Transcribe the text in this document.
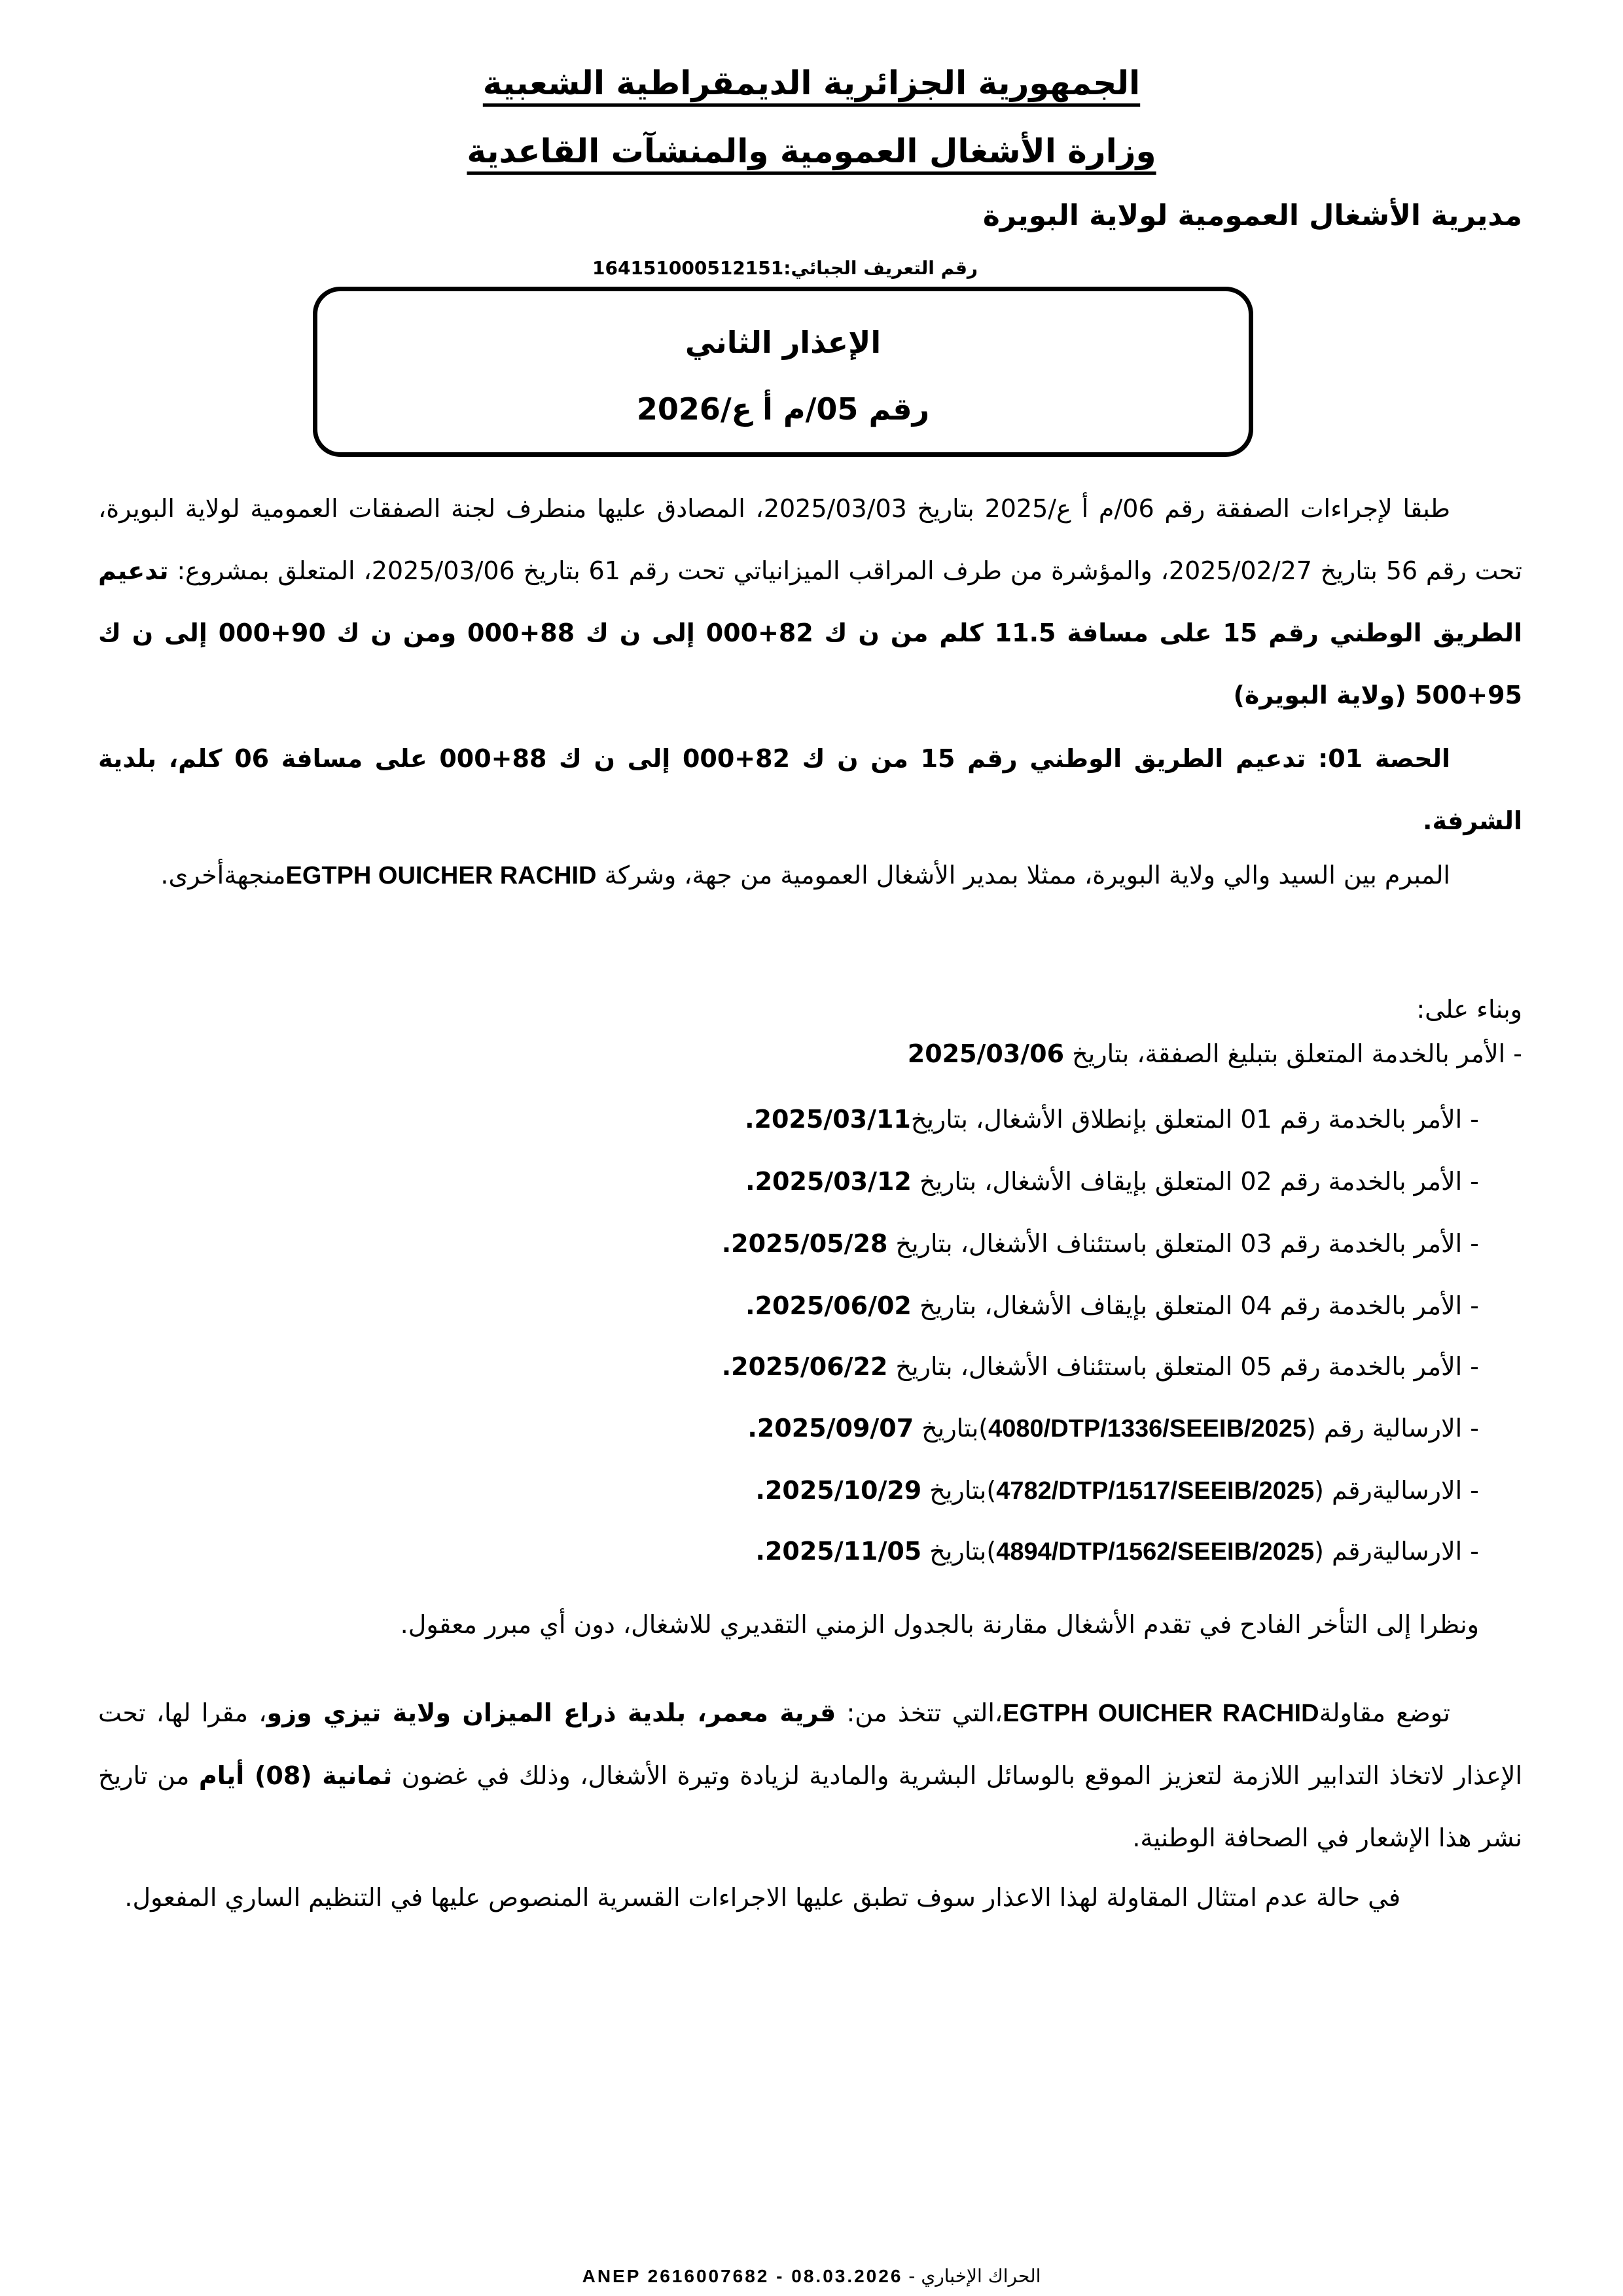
الجمهورية الجزائرية الديمقراطية الشعبية
وزارة الأشغال العمومية والمنشآت القاعدية
مديرية الأشغال العمومية لولاية البويرة
رقم التعريف الجبائي:164151000512151
الإعذار الثاني
رقم 05/م أ ع/2026
طبقا لإجراءات الصفقة رقم 06/م أ ع/2025 بتاريخ 2025/03/03، المصادق عليها منطرف لجنة الصفقات العمومية لولاية البويرة، تحت رقم 56 بتاريخ 2025/02/27، والمؤشرة من طرف المراقب الميزانياتي تحت رقم 61 بتاريخ 2025/03/06، المتعلق بمشروع: تدعيم الطريق الوطني رقم 15 على مسافة 11.5 كلم من ن ك 82+000 إلى ن ك 88+000 ومن ن ك 90+000 إلى ن ك 95+500 (ولاية البويرة)
الحصة 01: تدعيم الطريق الوطني رقم 15 من ن ك 82+000 إلى ن ك 88+000 على مسافة 06 كلم، بلدية الشرفة.
المبرم بين السيد والي ولاية البويرة، ممثلا بمدير الأشغال العمومية من جهة، وشركة EGTPH OUICHER RACHIDمنجهةأخرى.
وبناء على:
- الأمر بالخدمة المتعلق بتبليغ الصفقة، بتاريخ 2025/03/06
- الأمر بالخدمة رقم 01 المتعلق بإنطلاق الأشغال، بتاريخ2025/03/11.
- الأمر بالخدمة رقم 02 المتعلق بإيقاف الأشغال، بتاريخ 2025/03/12.
- الأمر بالخدمة رقم 03 المتعلق باستئناف الأشغال، بتاريخ 2025/05/28.
- الأمر بالخدمة رقم 04 المتعلق بإيقاف الأشغال، بتاريخ 2025/06/02.
- الأمر بالخدمة رقم 05 المتعلق باستئناف الأشغال، بتاريخ 2025/06/22.
- الارسالية رقم (4080/DTP/1336/SEEIB/2025)بتاريخ 2025/09/07.
- الارساليةرقم (4782/DTP/1517/SEEIB/2025)بتاريخ 2025/10/29.
- الارساليةرقم (4894/DTP/1562/SEEIB/2025)بتاريخ 2025/11/05.
ونظرا إلى التأخر الفادح في تقدم الأشغال مقارنة بالجدول الزمني التقديري للاشغال، دون أي مبرر معقول.
توضع مقاولةEGTPH OUICHER RACHID،التي تتخذ من: قرية معمر، بلدية ذراع الميزان ولاية تيزي وزو، مقرا لها، تحت الإعذار لاتخاذ التدابير اللازمة لتعزيز الموقع بالوسائل البشرية والمادية لزيادة وتيرة الأشغال، وذلك في غضون ثمانية (08) أيام من تاريخ نشر هذا الإشعار في الصحافة الوطنية.
في حالة عدم امتثال المقاولة لهذا الاعذار سوف تطبق عليها الاجراءات القسرية المنصوص عليها في التنظيم الساري المفعول.
الحراك الإخباري - ANEP 2616007682 - 08.03.2026
